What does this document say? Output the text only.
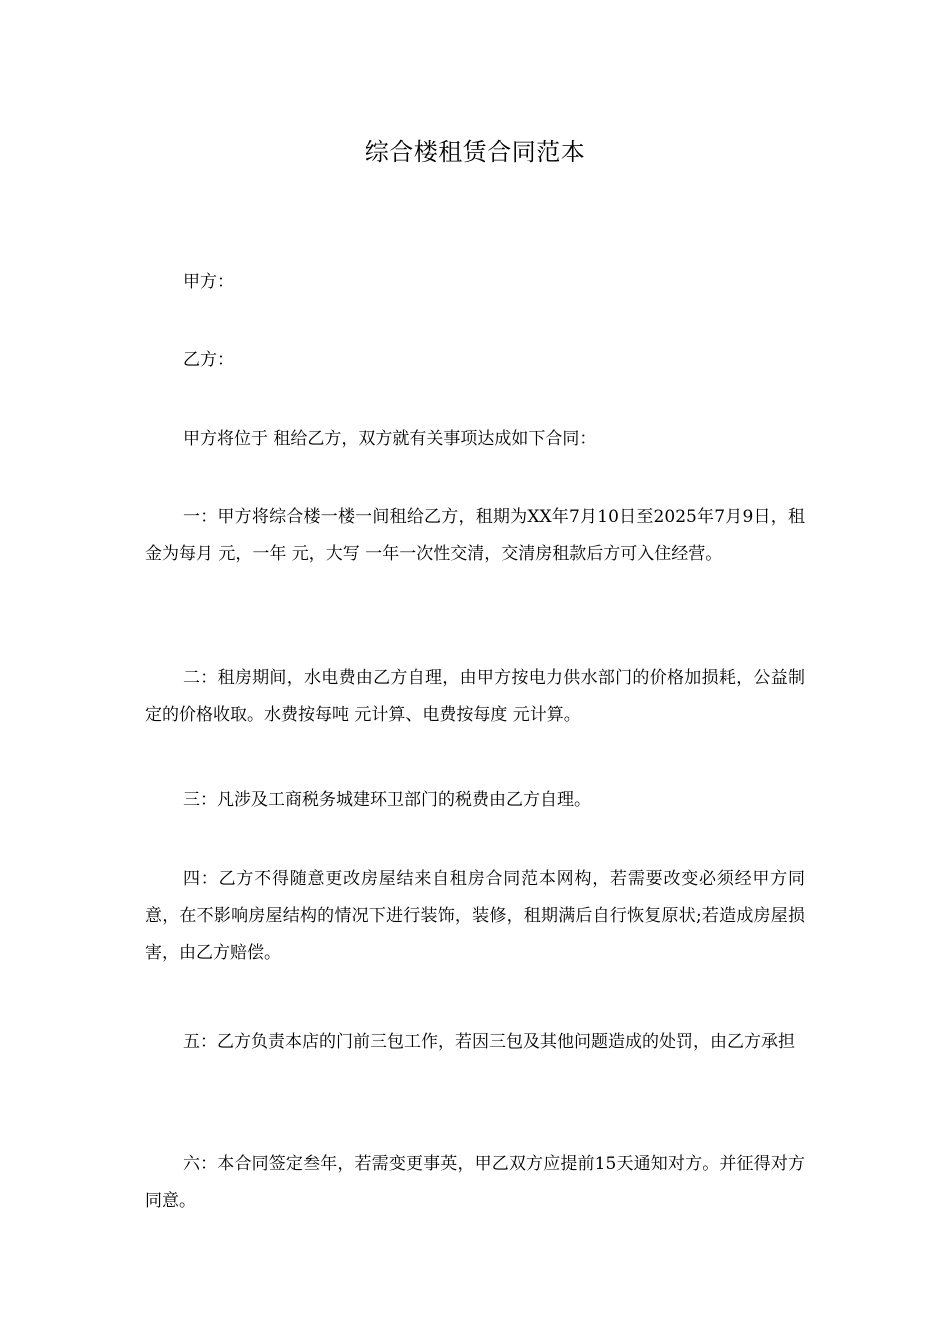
综合楼租赁合同范本

甲方：

乙方：

甲方将位于 租给乙方，双方就有关事项达成如下合同：

一：甲方将综合楼一楼一间租给乙方，租期为XX年7月10日至2025年7月9日，租金为每月 元，一年 元，大写 一年一次性交清，交清房租款后方可入住经营。

二：租房期间，水电费由乙方自理，由甲方按电力供水部门的价格加损耗，公益制定的价格收取。水费按每吨 元计算、电费按每度 元计算。

三：凡涉及工商税务城建环卫部门的税费由乙方自理。

四：乙方不得随意更改房屋结来自租房合同范本网构，若需要改变必须经甲方同意，在不影响房屋结构的情况下进行装饰，装修，租期满后自行恢复原状;若造成房屋损害，由乙方赔偿。

五：乙方负责本店的门前三包工作，若因三包及其他问题造成的处罚，由乙方承担

六：本合同签定叁年，若需变更事英，甲乙双方应提前15天通知对方。并征得对方同意。
